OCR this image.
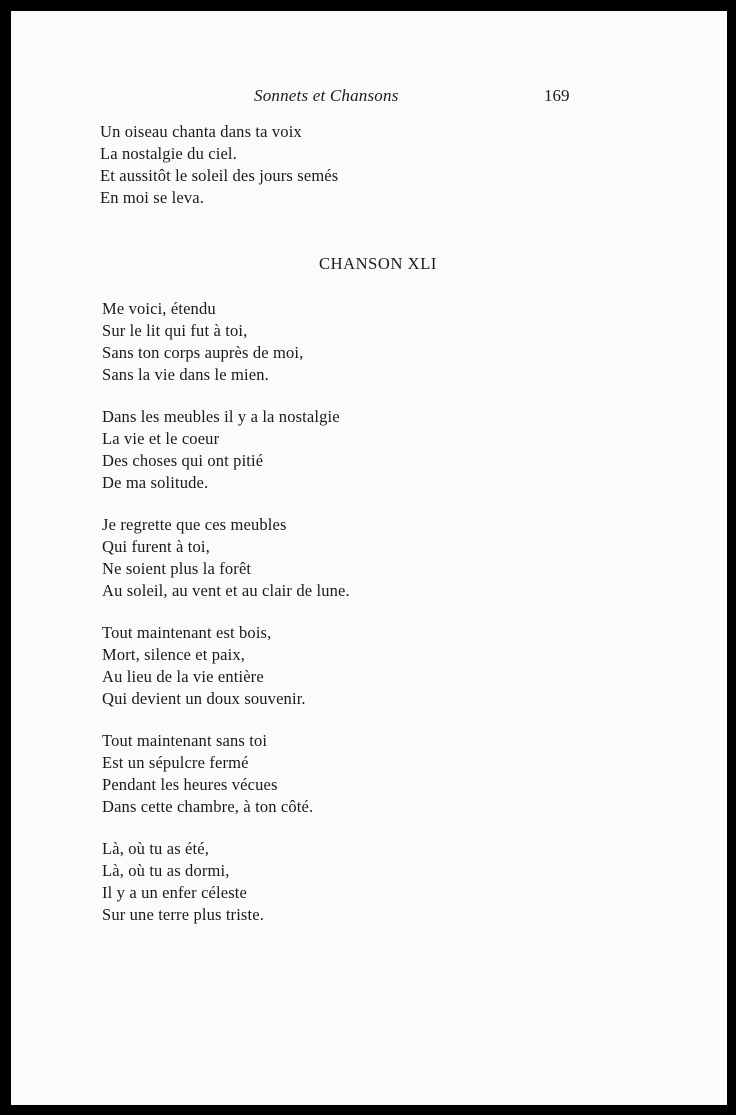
Sonnets et Chansons	169
Un oiseau chanta dans ta voix
La nostalgie du ciel.
Et aussitôt le soleil des jours semés
En moi se leva.
CHANSON XLI
Me voici, étendu
Sur le lit qui fut à toi,
Sans ton corps auprès de moi,
Sans la vie dans le mien.
Dans les meubles il y a la nostalgie
La vie et le coeur
Des choses qui ont pitié
De ma solitude.
Je regrette que ces meubles
Qui furent à toi,
Ne soient plus la forêt
Au soleil, au vent et au clair de lune.
Tout maintenant est bois,
Mort, silence et paix,
Au lieu de la vie entière
Qui devient un doux souvenir.
Tout maintenant sans toi
Est un sépulcre fermé
Pendant les heures vécues
Dans cette chambre, à ton côté.
Là, où tu as été,
Là, où tu as dormi,
Il y a un enfer céleste
Sur une terre plus triste.
